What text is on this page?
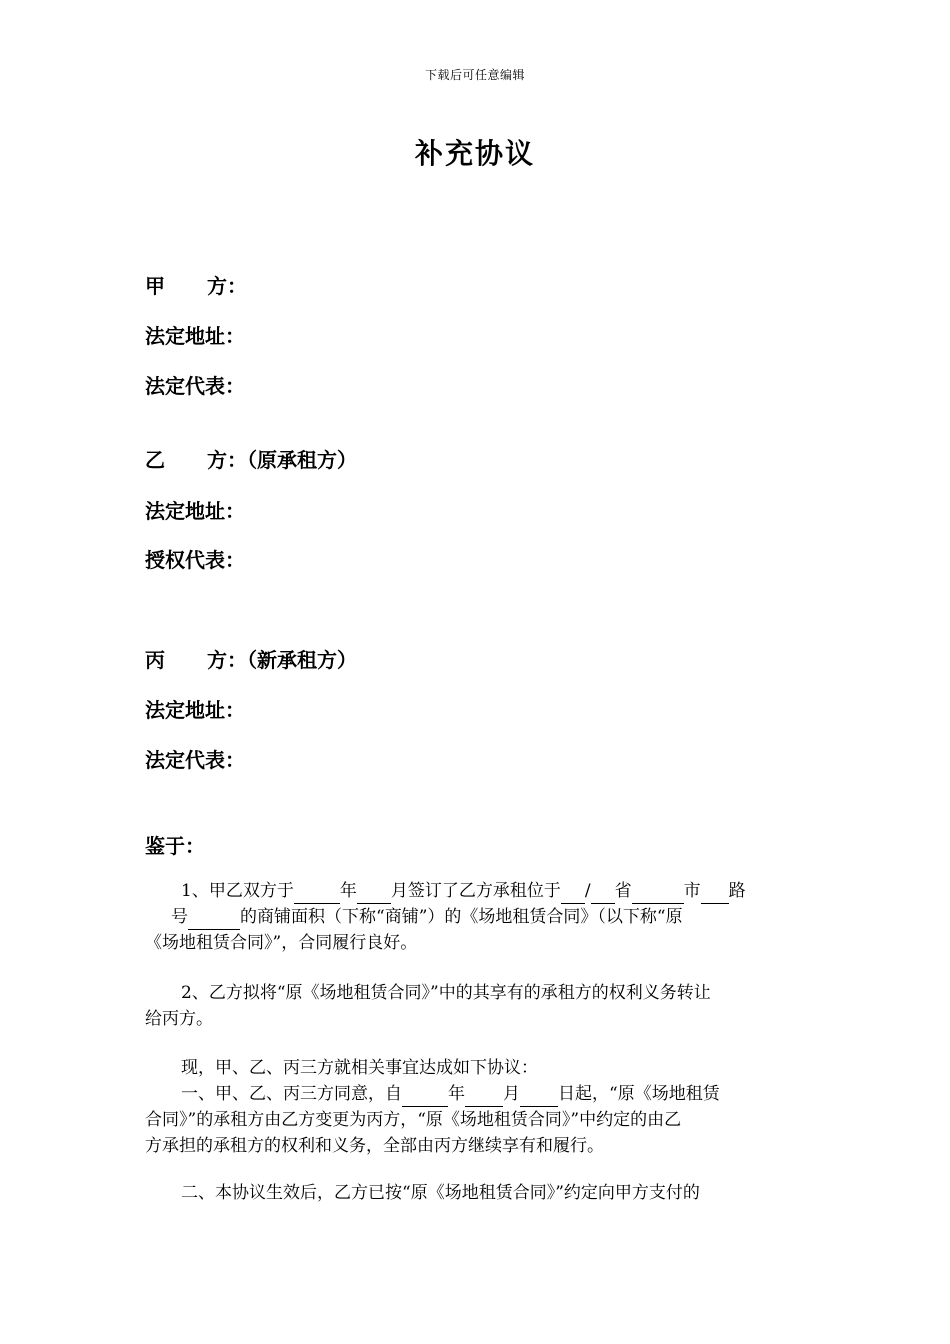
下载后可任意编辑
补充协议
甲 方：
法定地址：
法定代表：
乙 方：（原承租方）
法定地址：
授权代表：
丙 方：（新承租方）
法定地址：
法定代表：
鉴于：
1、甲乙双方于	年 月签订了乙方承租位于 / 省	市 路
号	的商铺面积（下称“商铺”）的《场地租赁合同》（以下称“原
《场地租赁合同》”，合同履行良好。
2、乙方拟将“原《场地租赁合同》”中的其享有的承租方的权利义务转让
给丙方。
现，甲、乙、丙三方就相关事宜达成如下协议：
一、甲、乙、丙三方同意，自	年 月 日起，“原《场地租赁
合同》”的承租方由乙方变更为丙方，“原《场地租赁合同》”中约定的由乙
方承担的承租方的权利和义务，全部由丙方继续享有和履行。
二、本协议生效后，乙方已按“原《场地租赁合同》”约定向甲方支付的
